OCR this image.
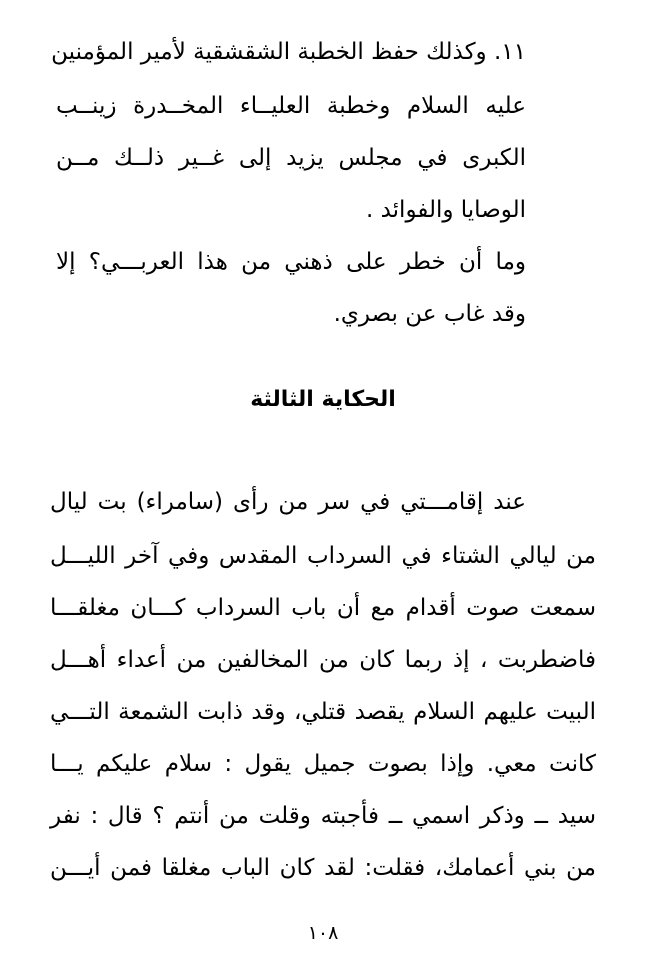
١١. وكذلك حفظ الخطبة الشقشقية لأمير المؤمنين
عليه السلام وخطبة العليــاء المخــدرة زينــب
الكبرى في مجلس يزيد إلى غــير ذلــك مــن
الوصايا والفوائد .
وما أن خطر على ذهني من هذا العربـــي؟ إلا
وقد غاب عن بصري.
الحكاية الثالثة
عند إقامـــتي في سر من رأى (سامراء) بت ليال
من ليالي الشتاء في السرداب المقدس وفي آخر الليـــل
سمعت صوت أقدام مع أن باب السرداب كـــان مغلقـــا
فاضطربت ، إذ ربما كان من المخالفين من أعداء أهـــل
البيت عليهم السلام يقصد قتلي، وقد ذابت الشمعة التـــي
كانت معي. وإذا بصوت جميل يقول : سلام عليكم يـــا
سيد ــ وذكر اسمي ــ فأجبته وقلت من أنتم ؟ قال : نفر
من بني أعمامك، فقلت: لقد كان الباب مغلقا فمن أيـــن
١٠٨
